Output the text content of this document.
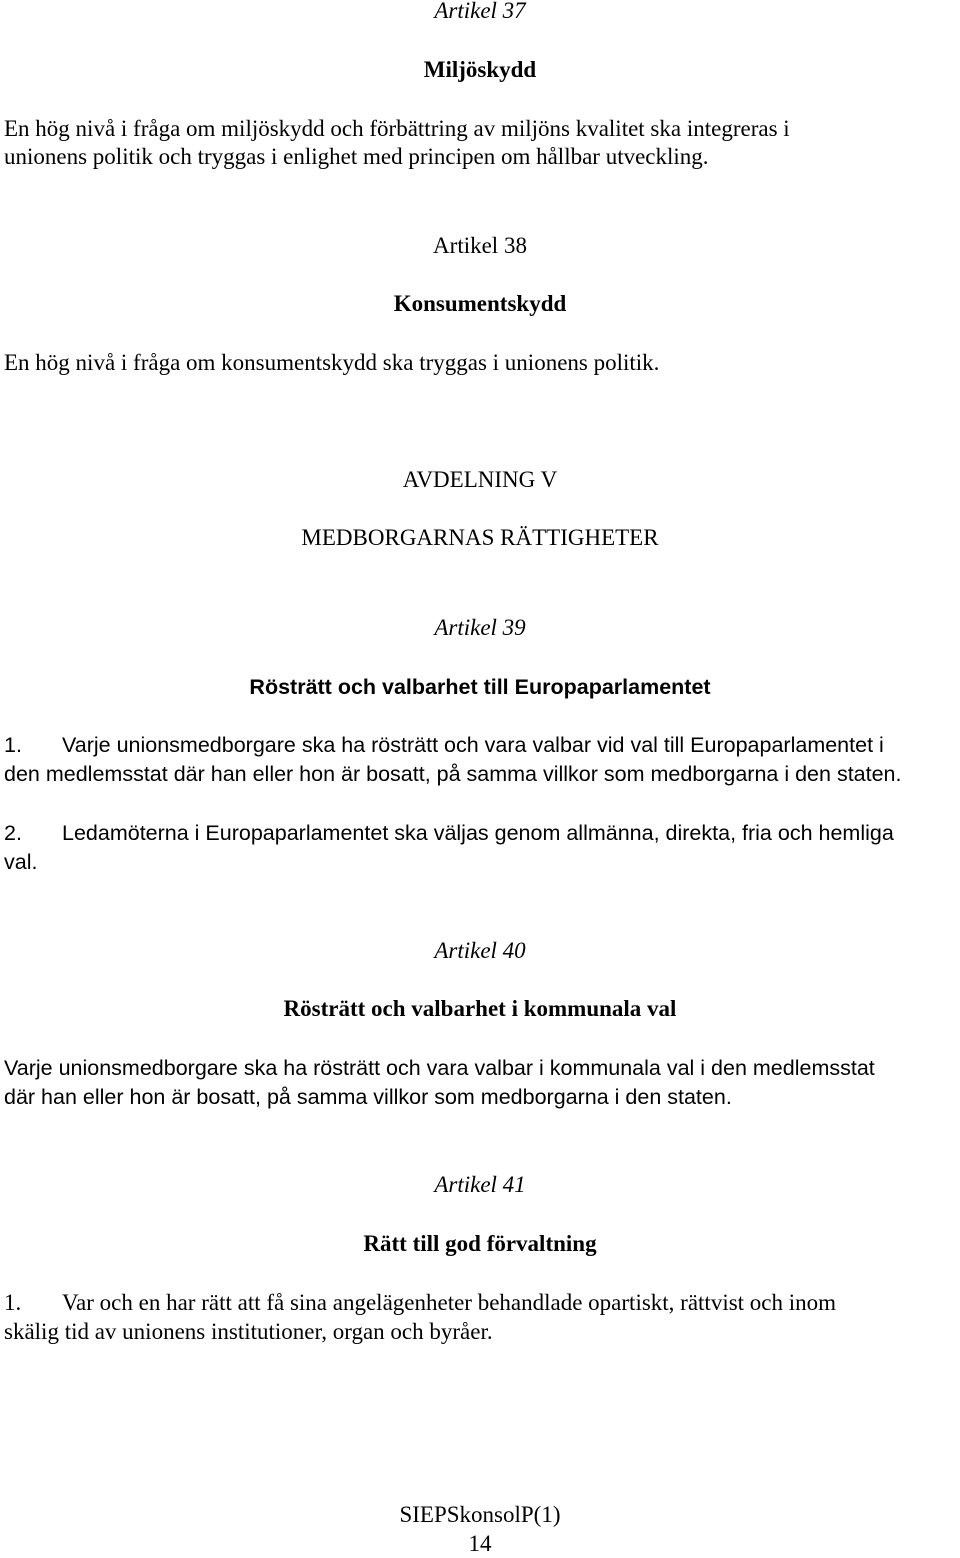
Artikel 37
Miljöskydd
En hög nivå i fråga om miljöskydd och förbättring av miljöns kvalitet ska integreras i
unionens politik och tryggas i enlighet med principen om hållbar utveckling.
Artikel 38
Konsumentskydd
En hög nivå i fråga om konsumentskydd ska tryggas i unionens politik.
AVDELNING V
MEDBORGARNAS RÄTTIGHETER
Artikel 39
Rösträtt och valbarhet till Europaparlamentet
1. Varje unionsmedborgare ska ha rösträtt och vara valbar vid val till Europaparlamentet i
den medlemsstat där han eller hon är bosatt, på samma villkor som medborgarna i den staten.
2. Ledamöterna i Europaparlamentet ska väljas genom allmänna, direkta, fria och hemliga
val.
Artikel 40
Rösträtt och valbarhet i kommunala val
Varje unionsmedborgare ska ha rösträtt och vara valbar i kommunala val i den medlemsstat
där han eller hon är bosatt, på samma villkor som medborgarna i den staten.
Artikel 41
Rätt till god förvaltning
1. Var och en har rätt att få sina angelägenheter behandlade opartiskt, rättvist och inom
skälig tid av unionens institutioner, organ och byråer.
SIEPSkonsolP(1)
14
